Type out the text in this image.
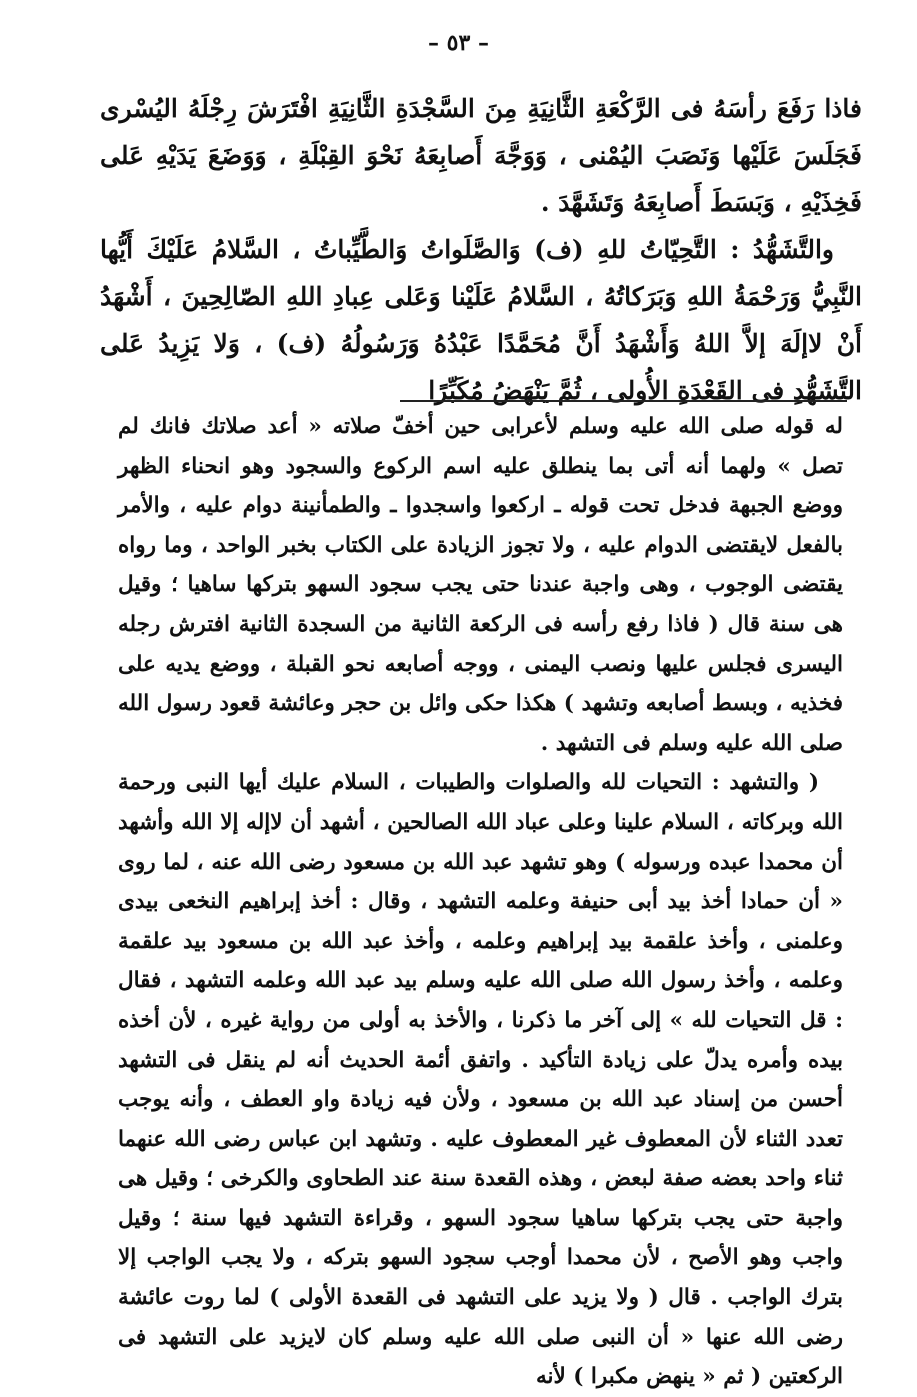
– ٥٣ –

فاذا رَفَعَ رأسَهُ فى الرَّكْعَةِ الثَّانِيَةِ مِنَ السَّجْدَةِ الثَّانِيَةِ افْتَرَشَ رِجْلَهُ اليُسْرى فَجَلَسَ عَلَيْها وَنَصَبَ اليُمْنى ، وَوَجَّهَ أَصابِعَهُ نَحْوَ القِبْلَةِ ، وَوَضَعَ يَدَيْهِ عَلى فَخِذَيْهِ ، وَبَسَطَ أَصابِعَهُ وَتَشَهَّدَ .

والتَّشَهُّدُ : التَّحِيّاتُ للهِ (ف) وَالصَّلَواتُ وَالطَّيِّباتُ ، السَّلامُ عَلَيْكَ أَيُّها النَّبِيُّ وَرَحْمَةُ اللهِ وَبَرَكاتُهُ ، السَّلامُ عَلَيْنا وَعَلى عِبادِ اللهِ الصّالِحِينَ ، أَشْهَدُ أَنْ لاإلَهَ إلاَّ اللهُ وَأَشْهَدُ أَنَّ مُحَمَّدًا عَبْدُهُ وَرَسُولُهُ (ف) ، وَلا يَزِيدُ عَلى التَّشَهُّدِ فى القَعْدَةِ الأُولى ، ثُمَّ يَنْهَضُ مُكَبِّرًا

له قوله صلى الله عليه وسلم لأعرابى حين أخفّ صلاته « أعد صلاتك فانك لم تصل » ولهما أنه أتى بما ينطلق عليه اسم الركوع والسجود وهو انحناء الظهر ووضع الجبهة فدخل تحت قوله ـ اركعوا واسجدوا ـ والطمأنينة دوام عليه ، والأمر بالفعل لايقتضى الدوام عليه ، ولا تجوز الزيادة على الكتاب بخبر الواحد ، وما رواه يقتضى الوجوب ، وهى واجبة عندنا حتى يجب سجود السهو بتركها ساهيا ؛ وقيل هى سنة قال ( فاذا رفع رأسه فى الركعة الثانية من السجدة الثانية افترش رجله اليسرى فجلس عليها ونصب اليمنى ، ووجه أصابعه نحو القبلة ، ووضع يديه على فخذيه ، وبسط أصابعه وتشهد ) هكذا حكى وائل بن حجر وعائشة قعود رسول الله صلى الله عليه وسلم فى التشهد .

( والتشهد : التحيات لله والصلوات والطيبات ، السلام عليك أيها النبى ورحمة الله وبركاته ، السلام علينا وعلى عباد الله الصالحين ، أشهد أن لاإله إلا الله وأشهد أن محمدا عبده ورسوله ) وهو تشهد عبد الله بن مسعود رضى الله عنه ، لما روى « أن حمادا أخذ بيد أبى حنيفة وعلمه التشهد ، وقال : أخذ إبراهيم النخعى بيدى وعلمنى ، وأخذ علقمة بيد إبراهيم وعلمه ، وأخذ عبد الله بن مسعود بيد علقمة وعلمه ، وأخذ رسول الله صلى الله عليه وسلم بيد عبد الله وعلمه التشهد ، فقال : قل التحيات لله » إلى آخر ما ذكرنا ، والأخذ به أولى من رواية غيره ، لأن أخذه بيده وأمره يدلّ على زيادة التأكيد . واتفق أئمة الحديث أنه لم ينقل فى التشهد أحسن من إسناد عبد الله بن مسعود ، ولأن فيه زيادة واو العطف ، وأنه يوجب تعدد الثناء لأن المعطوف غير المعطوف عليه . وتشهد ابن عباس رضى الله عنهما ثناء واحد بعضه صفة لبعض ، وهذه القعدة سنة عند الطحاوى والكرخى ؛ وقيل هى واجبة حتى يجب بتركها ساهيا سجود السهو ، وقراءة التشهد فيها سنة ؛ وقيل واجب وهو الأصح ، لأن محمدا أوجب سجود السهو بتركه ، ولا يجب الواجب إلا بترك الواجب . قال ( ولا يزيد على التشهد فى القعدة الأولى ) لما روت عائشة رضى الله عنها « أن النبى صلى الله عليه وسلم كان لايزيد على التشهد فى الركعتين ( ثم « ينهض مكبرا ) لأنه
